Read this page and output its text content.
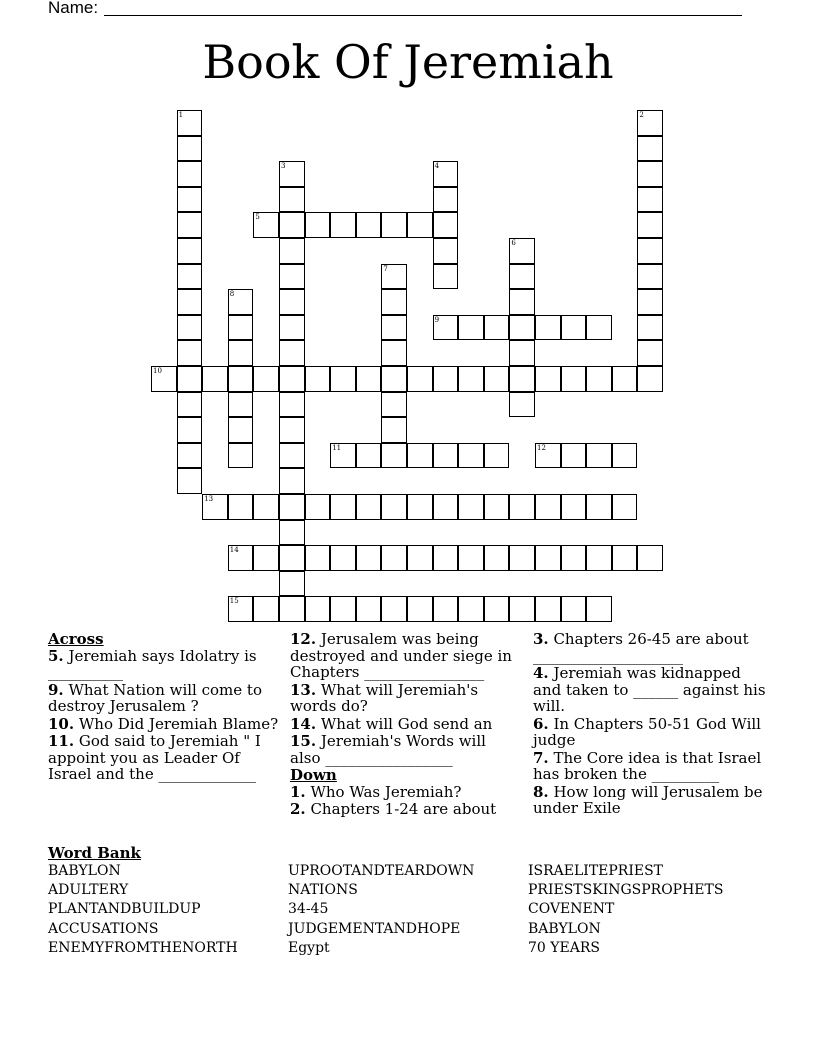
Name:
Book Of Jeremiah
1	2
3	4
5
6
7
8
9
10
11	12
13
14
15
Across
5. Jeremiah says Idolatry is __________
9. What Nation will come to destroy Jerusalem ?
10. Who Did Jeremiah Blame?
11. God said to Jeremiah " I appoint you as Leader Of Israel and the _____________
12. Jerusalem was being destroyed and under siege in Chapters ________________
13. What will Jeremiah's words do?
14. What will God send an
15. Jeremiah's Words will also _________________
Down
1. Who Was Jeremiah?
2. Chapters 1-24 are about
3. Chapters 26-45 are about ____________________
4. Jeremiah was kidnapped and taken to ______ against his will.
6. In Chapters 50-51 God Will judge
7. The Core idea is that Israel has broken the _________
8. How long will Jerusalem be under Exile
Word Bank
BABYLON
ADULTERY
PLANTANDBUILDUP
ACCUSATIONS
ENEMYFROMTHENORTH
UPROOTANDTEARDOWN
NATIONS
34-45
JUDGEMENTANDHOPE
Egypt
ISRAELITEPRIEST
PRIESTSKINGSPROPHETS
COVENENT
BABYLON
70 YEARS
